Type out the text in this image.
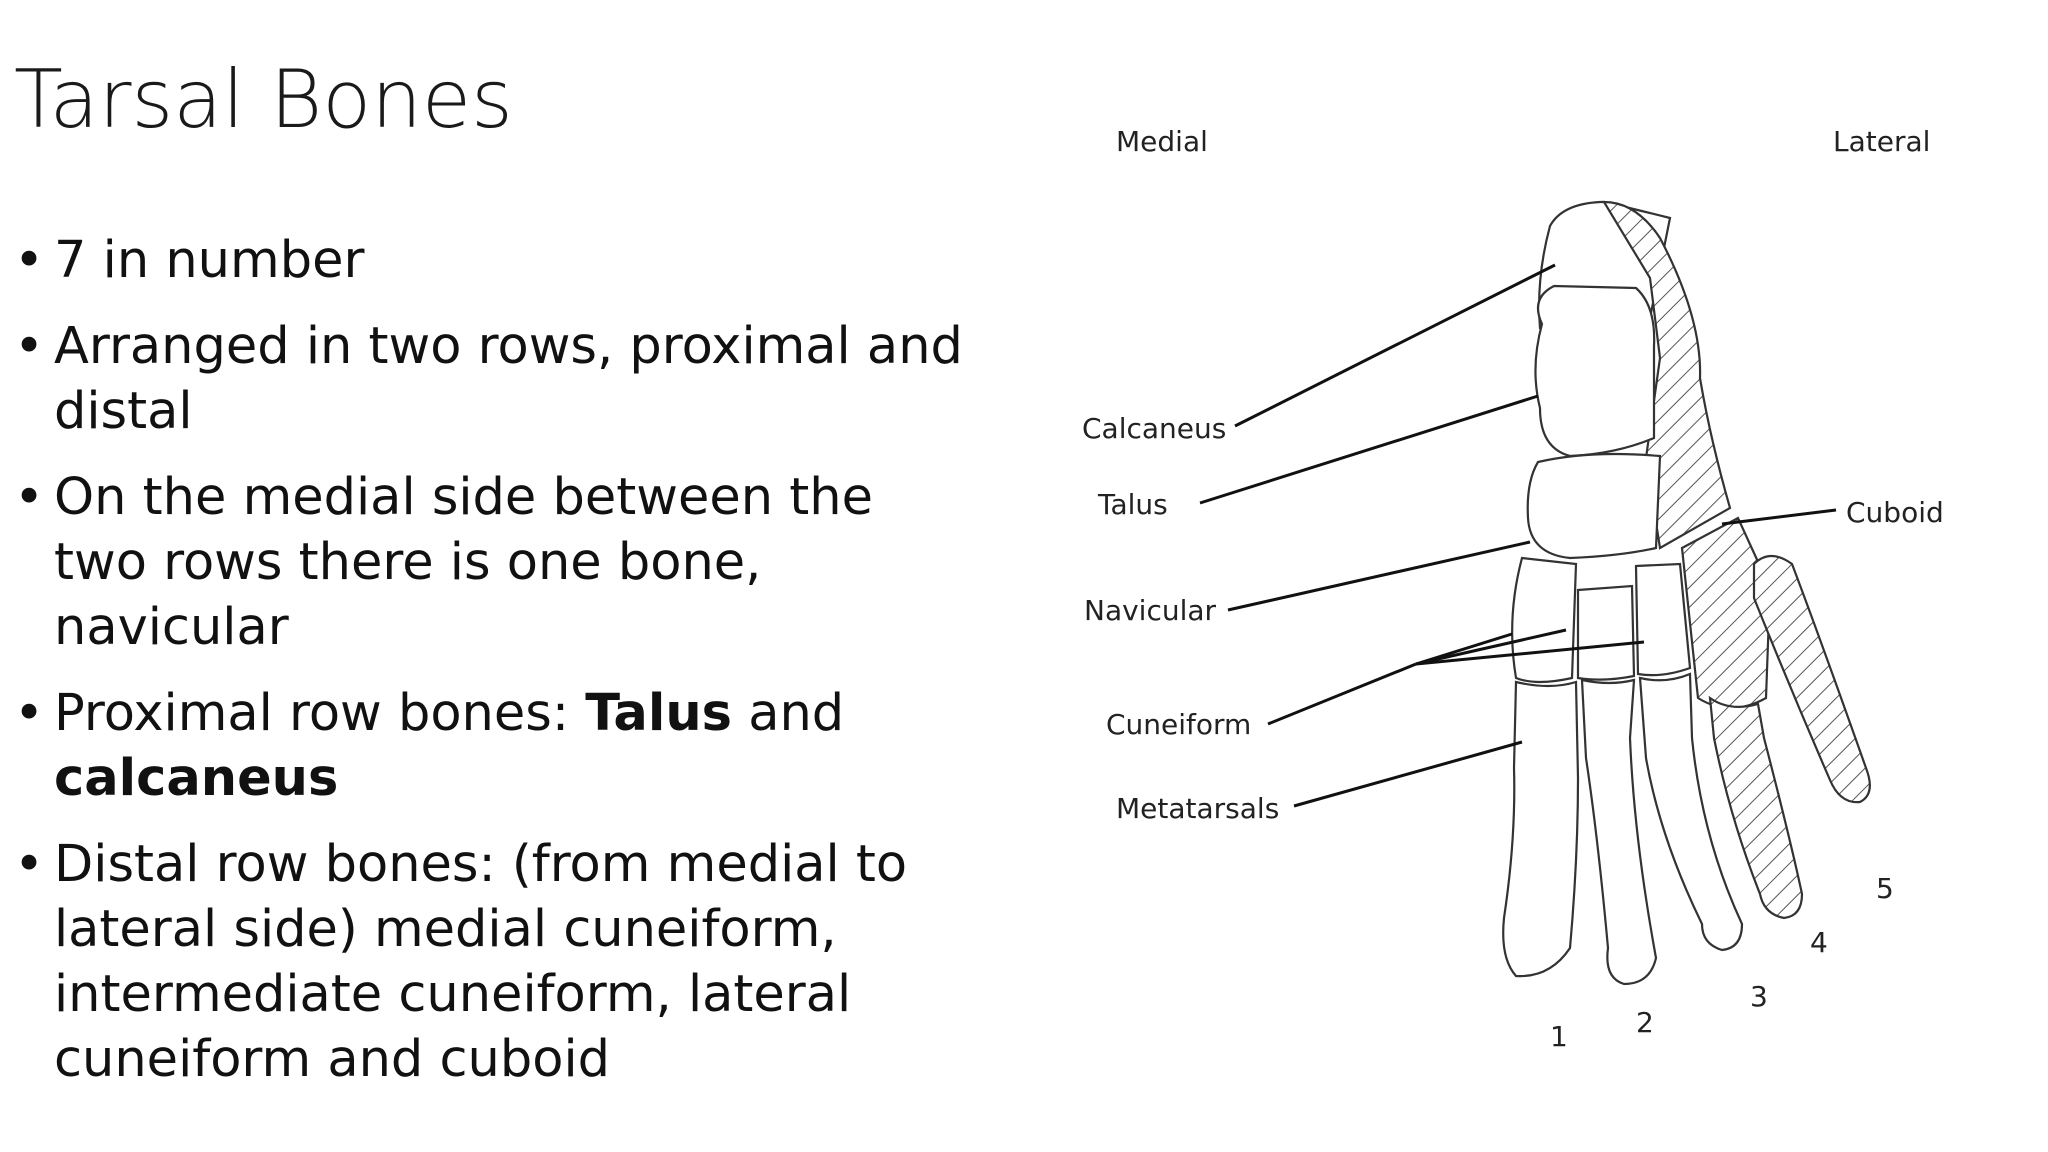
Tarsal Bones
• 7 in number
• Arranged in two rows, proximal and distal
• On the medial side between the two rows there is one bone, navicular
• Proximal row bones: Talus and calcaneus
• Distal row bones: (from medial to lateral side) medial cuneiform, intermediate cuneiform, lateral cuneiform and cuboid
Medial	Lateral
Calcaneus
Talus
Navicular
Cuneiform
Metatarsals
Cuboid
1 2
3
4
5
